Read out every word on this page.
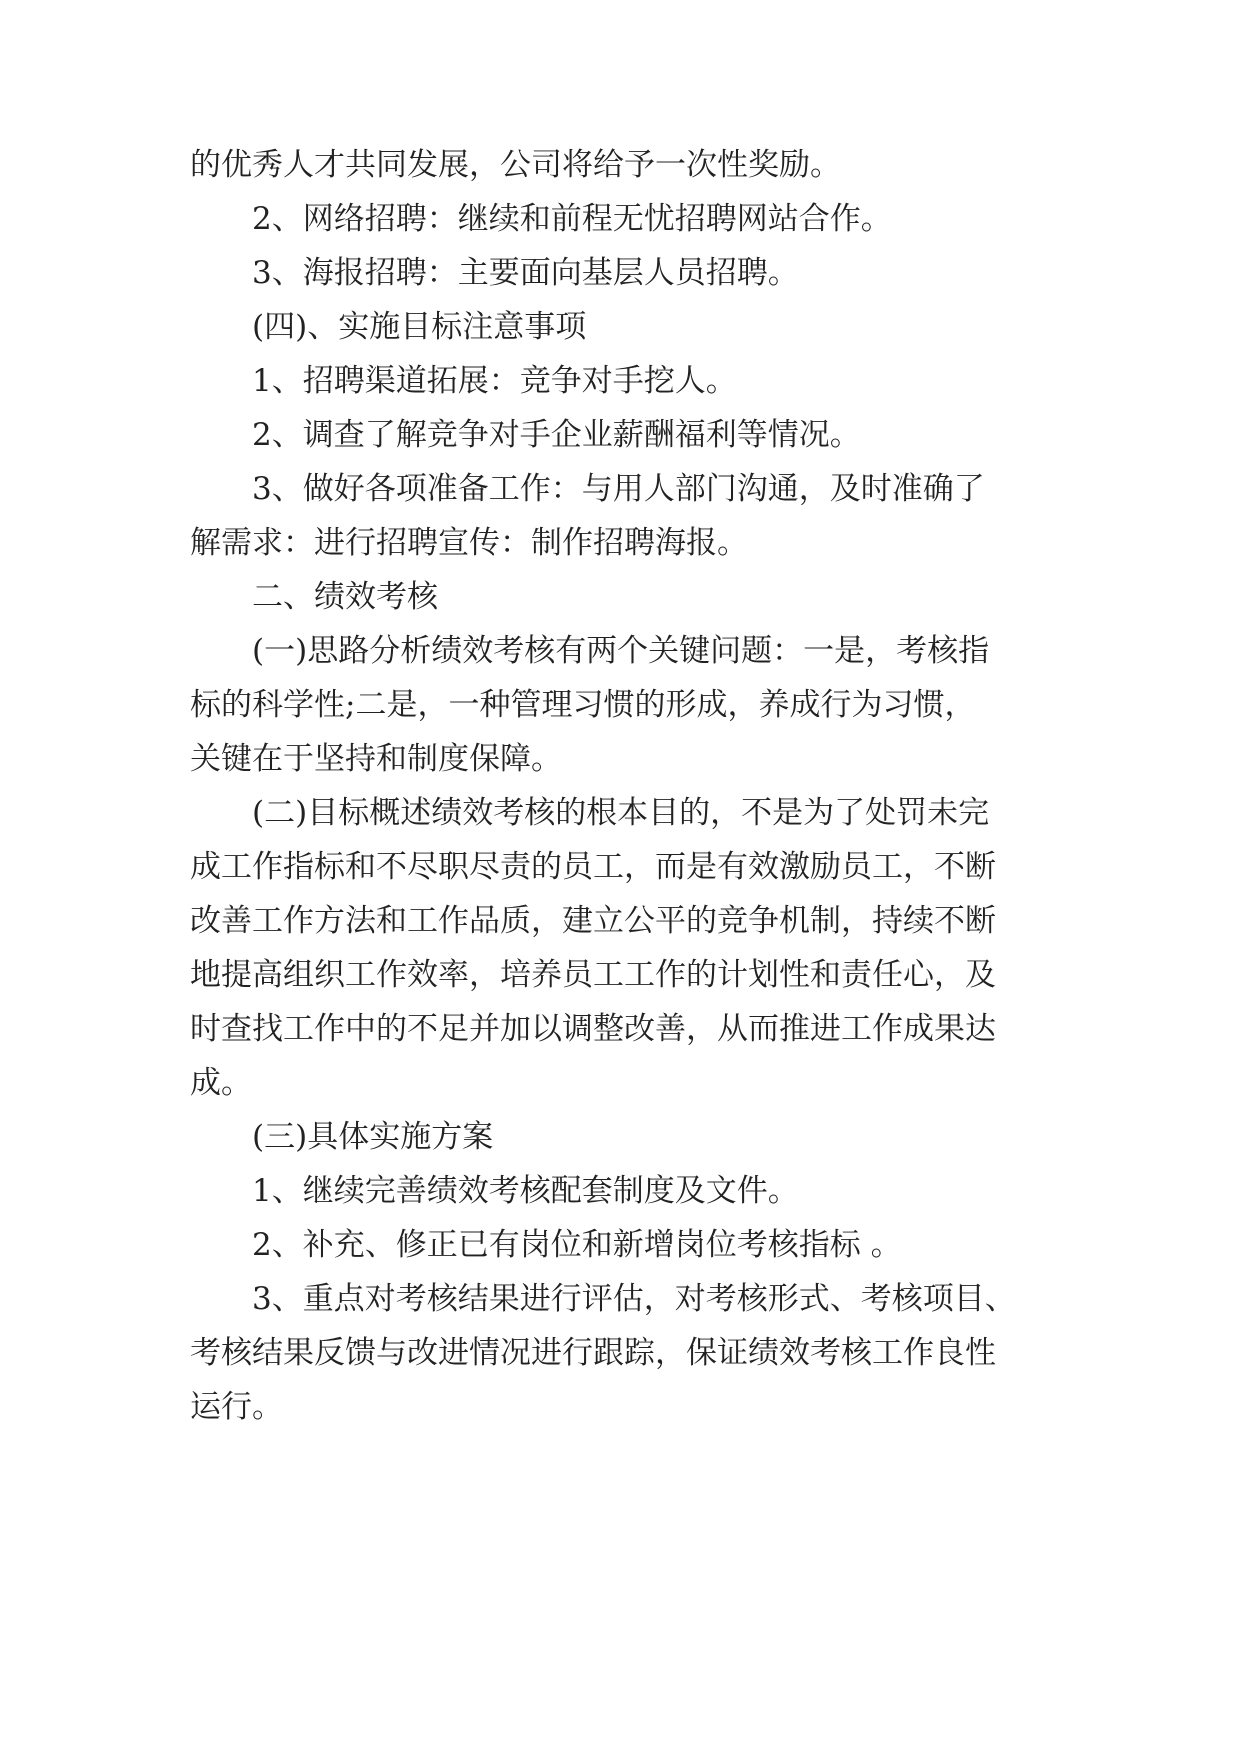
的优秀人才共同发展，公司将给予一次性奖励。
2、网络招聘：继续和前程无忧招聘网站合作。
3、海报招聘：主要面向基层人员招聘。
(四)、实施目标注意事项
1、招聘渠道拓展：竞争对手挖人。
2、调查了解竞争对手企业薪酬福利等情况。
3、做好各项准备工作：与用人部门沟通，及时准确了
解需求：进行招聘宣传：制作招聘海报。
二、绩效考核
(一)思路分析绩效考核有两个关键问题：一是，考核指
标的科学性;二是，一种管理习惯的形成，养成行为习惯，
关键在于坚持和制度保障。
(二)目标概述绩效考核的根本目的，不是为了处罚未完
成工作指标和不尽职尽责的员工，而是有效激励员工，不断
改善工作方法和工作品质，建立公平的竞争机制，持续不断
地提高组织工作效率，培养员工工作的计划性和责任心，及
时查找工作中的不足并加以调整改善，从而推进工作成果达
成。
(三)具体实施方案
1、继续完善绩效考核配套制度及文件。
2、补充、修正已有岗位和新增岗位考核指标 。
3、重点对考核结果进行评估，对考核形式、考核项目、
考核结果反馈与改进情况进行跟踪，保证绩效考核工作良性
运行。
